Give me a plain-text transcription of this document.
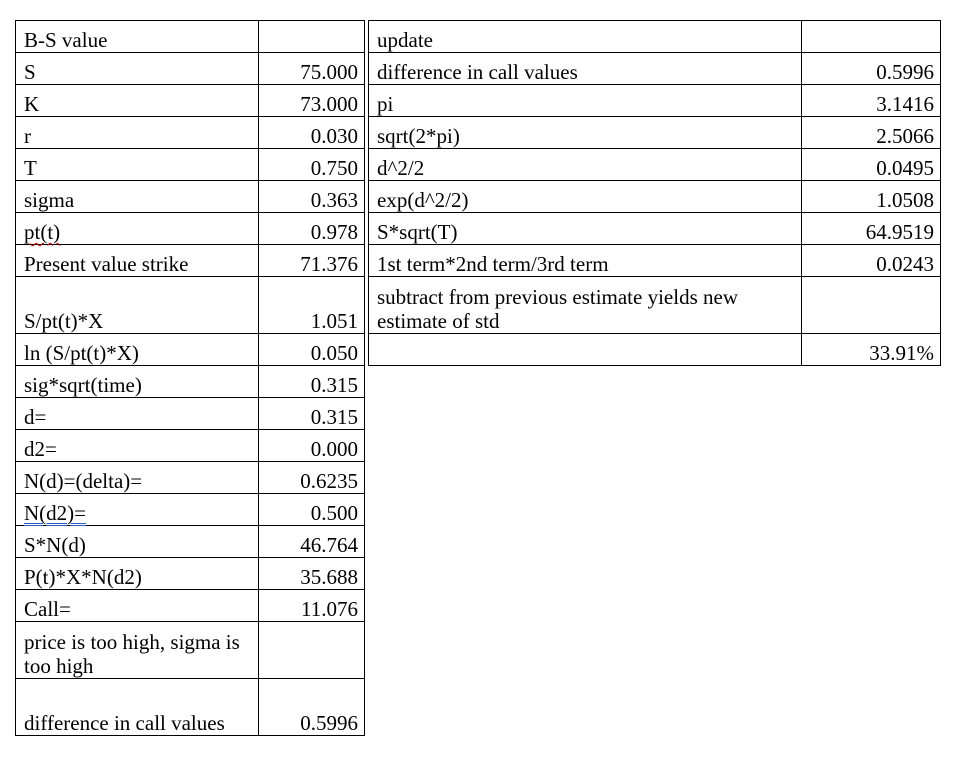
B-S value	
S	75.000
K	73.000
r	0.030
T	0.750
sigma	0.363
pt(t)	0.978
Present value strike	71.376
S/pt(t)*X	1.051
ln (S/pt(t)*X)	0.050
sig*sqrt(time)	0.315
d=	0.315
d2=	0.000
N(d)=(delta)=	0.6235
N(d2)=	0.500
S*N(d)	46.764
P(t)*X*N(d2)	35.688
Call=	11.076
price is too high, sigma is too high	
difference in call values	0.5996
update	
difference in call values	0.5996
pi	3.1416
sqrt(2*pi)	2.5066
d^2/2	0.0495
exp(d^2/2)	1.0508
S*sqrt(T)	64.9519
1st term*2nd term/3rd term	0.0243
subtract from previous estimate yields new estimate of std	
	33.91%
